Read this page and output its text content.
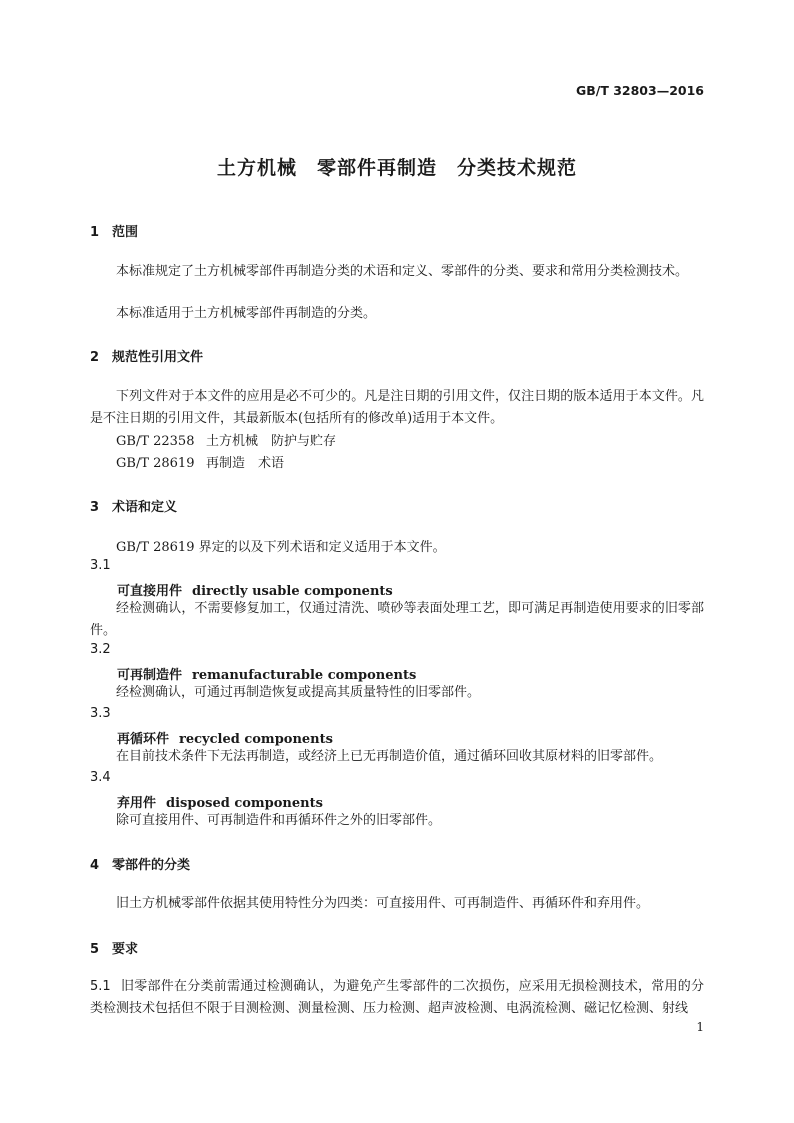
GB/T 32803—2016
土方机械　零部件再制造　分类技术规范
1 范围

本标准规定了土方机械零部件再制造分类的术语和定义、零部件的分类、要求和常用分类检测技术。

本标准适用于土方机械零部件再制造的分类。

2 规范性引用文件

下列文件对于本文件的应用是必不可少的。凡是注日期的引用文件，仅注日期的版本适用于本文件。凡是不注日期的引用文件，其最新版本(包括所有的修改单)适用于本文件。

GB/T 22358 土方机械　防护与贮存
GB/T 28619 再制造　术语
3 术语和定义
GB/T 28619 界定的以及下列术语和定义适用于本文件。
3.1
可直接用件 directly usable components

经检测确认，不需要修复加工，仅通过清洗、喷砂等表面处理工艺，即可满足再制造使用要求的旧零部件。

3.2
可再制造件 remanufacturable components

经检测确认，可通过再制造恢复或提高其质量特性的旧零部件。

3.3
再循环件 recycled components

在目前技术条件下无法再制造，或经济上已无再制造价值，通过循环回收其原材料的旧零部件。

3.4
弃用件 disposed components

除可直接用件、可再制造件和再循环件之外的旧零部件。

4 零部件的分类

旧土方机械零部件依据其使用特性分为四类：可直接用件、可再制造件、再循环件和弃用件。

5 要求

5.1 旧零部件在分类前需通过检测确认，为避免产生零部件的二次损伤，应采用无损检测技术，常用的分类检测技术包括但不限于目测检测、测量检测、压力检测、超声波检测、电涡流检测、磁记忆检测、射线

1
